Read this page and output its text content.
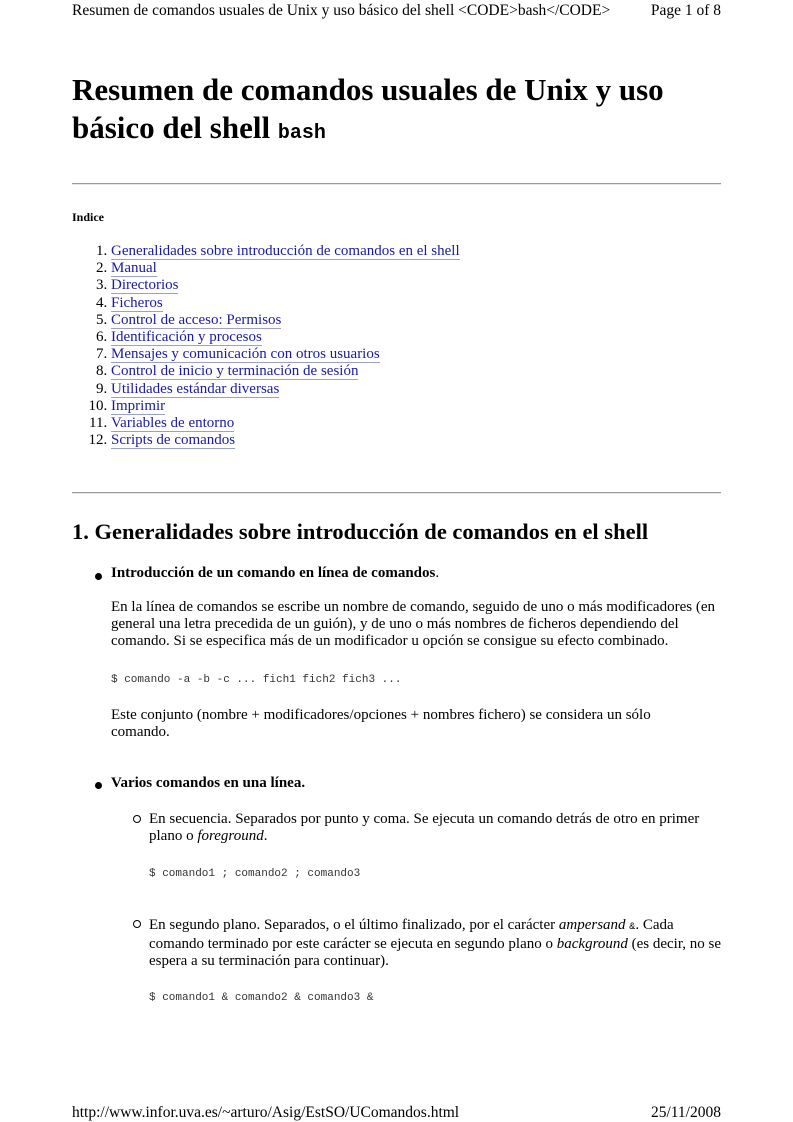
Resumen de comandos usuales de Unix y uso básico del shell <CODE>bash</CODE>	Page 1 of 8
Resumen de comandos usuales de Unix y uso básico del shell bash
Indice
1. Generalidades sobre introducción de comandos en el shell
2. Manual
3. Directorios
4. Ficheros
5. Control de acceso: Permisos
6. Identificación y procesos
7. Mensajes y comunicación con otros usuarios
8. Control de inicio y terminación de sesión
9. Utilidades estándar diversas
10. Imprimir
11. Variables de entorno
12. Scripts de comandos
1. Generalidades sobre introducción de comandos en el shell
Introducción de un comando en línea de comandos.
En la línea de comandos se escribe un nombre de comando, seguido de uno o más modificadores (en general una letra precedida de un guión), y de uno o más nombres de ficheros dependiendo del comando. Si se especifica más de un modificador u opción se consigue su efecto combinado.
$ comando -a -b -c ... fich1 fich2 fich3 ...
Este conjunto (nombre + modificadores/opciones + nombres fichero) se considera un sólo comando.
Varios comandos en una línea.
En secuencia. Separados por punto y coma. Se ejecuta un comando detrás de otro en primer plano o foreground.
$ comando1 ; comando2 ; comando3
En segundo plano. Separados, o el último finalizado, por el carácter ampersand &. Cada comando terminado por este carácter se ejecuta en segundo plano o background (es decir, no se espera a su terminación para continuar).
$ comando1 & comando2 & comando3 &
http://www.infor.uva.es/~arturo/Asig/EstSO/UComandos.html	25/11/2008
